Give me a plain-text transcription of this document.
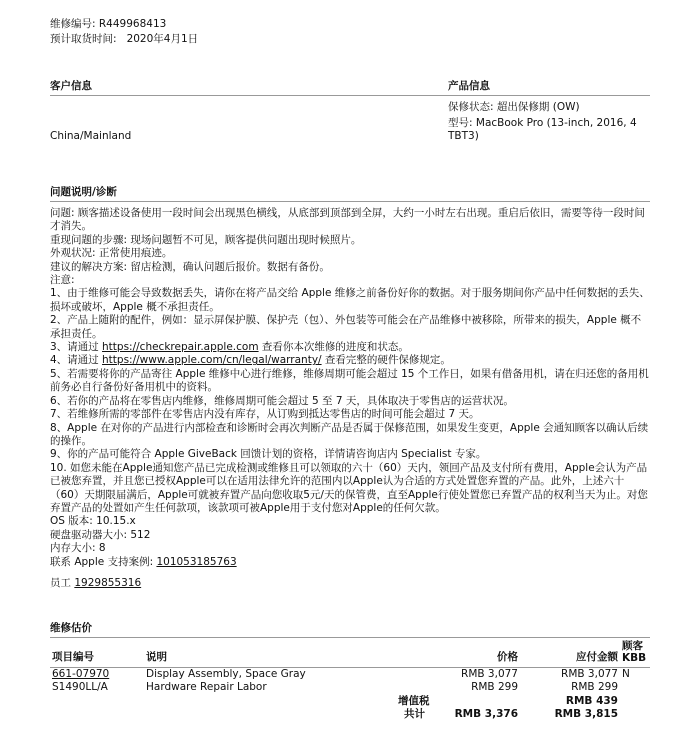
维修编号: R449968413
预计取货时间: 2020年4月1日
客户信息	产品信息
保修状态: 超出保修期 (OW)
型号: MacBook Pro (13-inch, 2016, 4 TBT3)
China/Mainland
问题说明/诊断
问题: 顾客描述设备使用一段时间会出现黑色横线，从底部到顶部到全屏，大约一小时左右出现。重启后依旧，需要等待一段时间才消失。
重现问题的步骤: 现场问题暂不可见，顾客提供问题出现时候照片。
外观状况: 正常使用痕迹。
建议的解决方案: 留店检测，确认问题后报价。数据有备份。
注意:
1、由于维修可能会导致数据丢失，请你在将产品交给 Apple 维修之前备份好你的数据。对于服务期间你产品中任何数据的丢失、损坏或破坏，Apple 概不承担责任。
2、产品上随附的配件，例如：显示屏保护膜、保护壳（包）、外包装等可能会在产品维修中被移除，所带来的损失，Apple 概不承担责任。
3、请通过 https://checkrepair.apple.com 查看你本次维修的进度和状态。
4、请通过 https://www.apple.com/cn/legal/warranty/ 查看完整的硬件保修规定。
5、若需要将你的产品寄往 Apple 维修中心进行维修，维修周期可能会超过 15 个工作日，如果有借备用机，请在归还您的备用机前务必自行备份好备用机中的资料。
6、若你的产品将在零售店内维修，维修周期可能会超过 5 至 7 天，具体取决于零售店的运营状况。
7、若维修所需的零部件在零售店内没有库存，从订购到抵达零售店的时间可能会超过 7 天。
8、Apple 在对你的产品进行内部检查和诊断时会再次判断产品是否属于保修范围，如果发生变更，Apple 会通知顾客以确认后续的操作。
9、你的产品可能符合 Apple GiveBack 回馈计划的资格，详情请咨询店内 Specialist 专家。
10. 如您未能在Apple通知您产品已完成检测或维修且可以领取的六十（60）天内，领回产品及支付所有费用，Apple会认为产品已被您弃置，并且您已授权Apple可以在适用法律允许的范围内以Apple认为合适的方式处置您弃置的产品。此外，上述六十（60）天期限届满后，Apple可就被弃置产品向您收取5元/天的保管费，直至Apple行使处置您已弃置产品的权利当天为止。对您弃置产品的处置如产生任何款项，该款项可被Apple用于支付您对Apple的任何欠款。
OS 版本: 10.15.x
硬盘驱动器大小: 512
内存大小: 8
联系 Apple 支持案例: 101053185763
员工 1929855316
维修估价
项目编号	说明	价格	应付金额	顾客 KBB

661-07970	Display Assembly, Space Gray	RMB 3,077	RMB 3,077	N
S1490LL/A	Hardware Repair Labor	RMB 299	RMB 299	
		增值税	RMB 439	
		共计 RMB 3,376	RMB 3,815	
